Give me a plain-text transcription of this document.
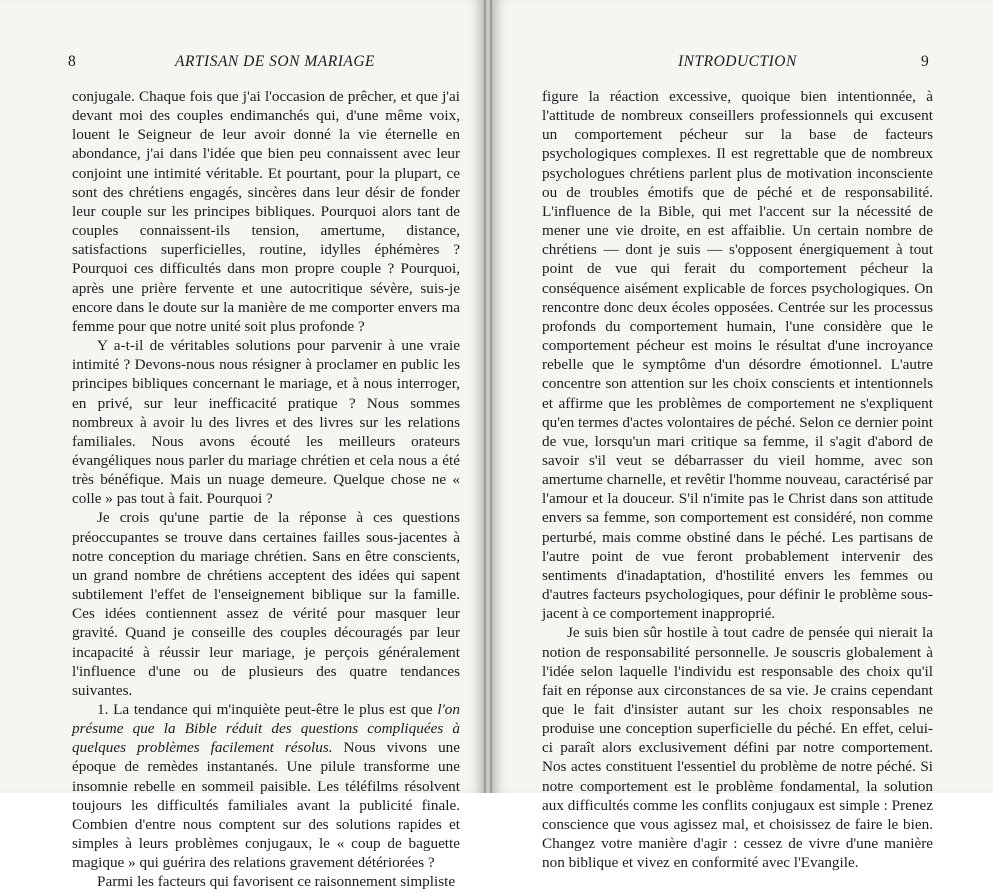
8	ARTISAN DE SON MARIAGE

conjugale. Chaque fois que j'ai l'occasion de prêcher, et que j'ai devant moi des couples endimanchés qui, d'une même voix, louent le Seigneur de leur avoir donné la vie éternelle en abondance, j'ai dans l'idée que bien peu connaissent avec leur conjoint une intimité véritable. Et pourtant, pour la plupart, ce sont des chrétiens engagés, sincères dans leur désir de fonder leur couple sur les principes bibliques. Pourquoi alors tant de couples connaissent-ils tension, amertume, distance, satisfactions superficielles, routine, idylles éphémères ? Pourquoi ces difficultés dans mon propre couple ? Pourquoi, après une prière fervente et une autocritique sévère, suis-je encore dans le doute sur la manière de me comporter envers ma femme pour que notre unité soit plus profonde ?

Y a-t-il de véritables solutions pour parvenir à une vraie intimité ? Devons-nous nous résigner à proclamer en public les principes bibliques concernant le mariage, et à nous interroger, en privé, sur leur inefficacité pratique ? Nous sommes nombreux à avoir lu des livres et des livres sur les relations familiales. Nous avons écouté les meilleurs orateurs évangéliques nous parler du mariage chrétien et cela nous a été très bénéfique. Mais un nuage demeure. Quelque chose ne « colle » pas tout à fait. Pourquoi ?

Je crois qu'une partie de la réponse à ces questions préoccupantes se trouve dans certaines failles sous-jacentes à notre conception du mariage chrétien. Sans en être conscients, un grand nombre de chrétiens acceptent des idées qui sapent subtilement l'effet de l'enseignement biblique sur la famille. Ces idées contiennent assez de vérité pour masquer leur gravité. Quand je conseille des couples découragés par leur incapacité à réussir leur mariage, je perçois généralement l'influence d'une ou de plusieurs des quatre tendances suivantes.

1. La tendance qui m'inquiète peut-être le plus est que l'on présume que la Bible réduit des questions compliquées à quelques problèmes facilement résolus. Nous vivons une époque de remèdes instantanés. Une pilule transforme une insomnie rebelle en sommeil paisible. Les téléfilms résolvent toujours les difficultés familiales avant la publicité finale. Combien d'entre nous comptent sur des solutions rapides et simples à leurs problèmes conjugaux, le « coup de baguette magique » qui guérira des relations gravement détériorées ?

Parmi les facteurs qui favorisent ce raisonnement simpliste

INTRODUCTION	9

figure la réaction excessive, quoique bien intentionnée, à l'attitude de nombreux conseillers professionnels qui excusent un comportement pécheur sur la base de facteurs psychologiques complexes. Il est regrettable que de nombreux psychologues chrétiens parlent plus de motivation inconsciente ou de troubles émotifs que de péché et de responsabilité. L'influence de la Bible, qui met l'accent sur la nécessité de mener une vie droite, en est affaiblie. Un certain nombre de chrétiens — dont je suis — s'opposent énergiquement à tout point de vue qui ferait du comportement pécheur la conséquence aisément explicable de forces psychologiques. On rencontre donc deux écoles opposées. Centrée sur les processus profonds du comportement humain, l'une considère que le comportement pécheur est moins le résultat d'une incroyance rebelle que le symptôme d'un désordre émotionnel. L'autre concentre son attention sur les choix conscients et intentionnels et affirme que les problèmes de comportement ne s'expliquent qu'en termes d'actes volontaires de péché. Selon ce dernier point de vue, lorsqu'un mari critique sa femme, il s'agit d'abord de savoir s'il veut se débarrasser du vieil homme, avec son amertume charnelle, et revêtir l'homme nouveau, caractérisé par l'amour et la douceur. S'il n'imite pas le Christ dans son attitude envers sa femme, son comportement est considéré, non comme perturbé, mais comme obstiné dans le péché. Les partisans de l'autre point de vue feront probablement intervenir des sentiments d'inadaptation, d'hostilité envers les femmes ou d'autres facteurs psychologiques, pour définir le problème sous-jacent à ce comportement inapproprié.

Je suis bien sûr hostile à tout cadre de pensée qui nierait la notion de responsabilité personnelle. Je souscris globalement à l'idée selon laquelle l'individu est responsable des choix qu'il fait en réponse aux circonstances de sa vie. Je crains cependant que le fait d'insister autant sur les choix responsables ne produise une conception superficielle du péché. En effet, celui-ci paraît alors exclusivement défini par notre comportement. Nos actes constituent l'essentiel du problème de notre péché. Si notre comportement est le problème fondamental, la solution aux difficultés comme les conflits conjugaux est simple : Prenez conscience que vous agissez mal, et choisissez de faire le bien. Changez votre manière d'agir : cessez de vivre d'une manière non biblique et vivez en conformité avec l'Evangile.
